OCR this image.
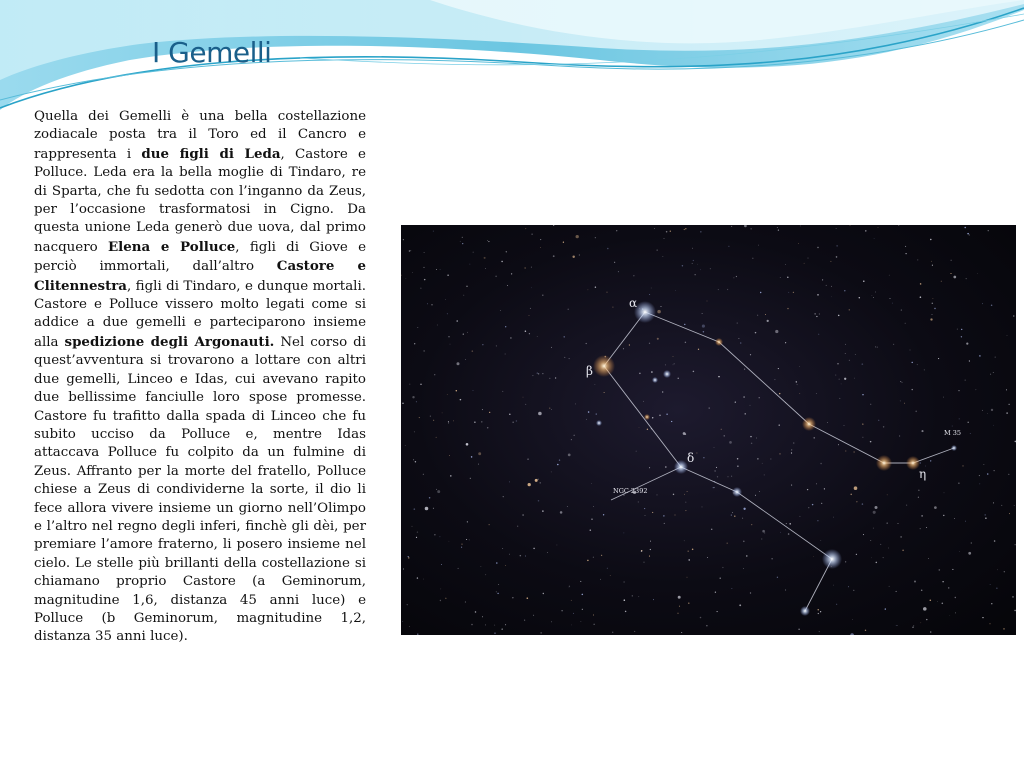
I Gemelli

Quella dei Gemelli è una bella costellazione zodiacale posta tra il Toro ed il Cancro e rappresenta i due figli di Leda, Castore e Polluce. Leda era la bella moglie di Tindaro, re di Sparta, che fu sedotta con l’inganno da Zeus, per l’occasione trasformatosi in Cigno. Da questa unione Leda generò due uova, dal primo nacquero Elena e Polluce, figli di Giove e perciò immortali, dall’altro Castore e Clitennestra, figli di Tindaro, e dunque mortali. Castore e Polluce vissero molto legati come si addice a due gemelli e parteciparono insieme alla spedizione degli Argonauti. Nel corso di quest’avventura si trovarono a lottare con altri due gemelli, Linceo e Idas, cui avevano rapito due bellissime fanciulle loro spose promesse. Castore fu trafitto dalla spada di Linceo che fu subito ucciso da Polluce e, mentre Idas attaccava Polluce fu colpito da un fulmine di Zeus. Affranto per la morte del fratello, Polluce chiese a Zeus di condividerne la sorte, il dio li fece allora vivere insieme un giorno nell’Olimpo e l’altro nel regno degli inferi, finchè gli dèi, per premiare l’amore fraterno, li posero insieme nel cielo. Le stelle più brillanti della costellazione si chiamano proprio Castore (a Geminorum, magnitudine 1,6, distanza 45 anni luce) e Polluce (b Geminorum, magnitudine 1,2, distanza 35 anni luce).

α
β
δ
η
M 35
NGC 2392
